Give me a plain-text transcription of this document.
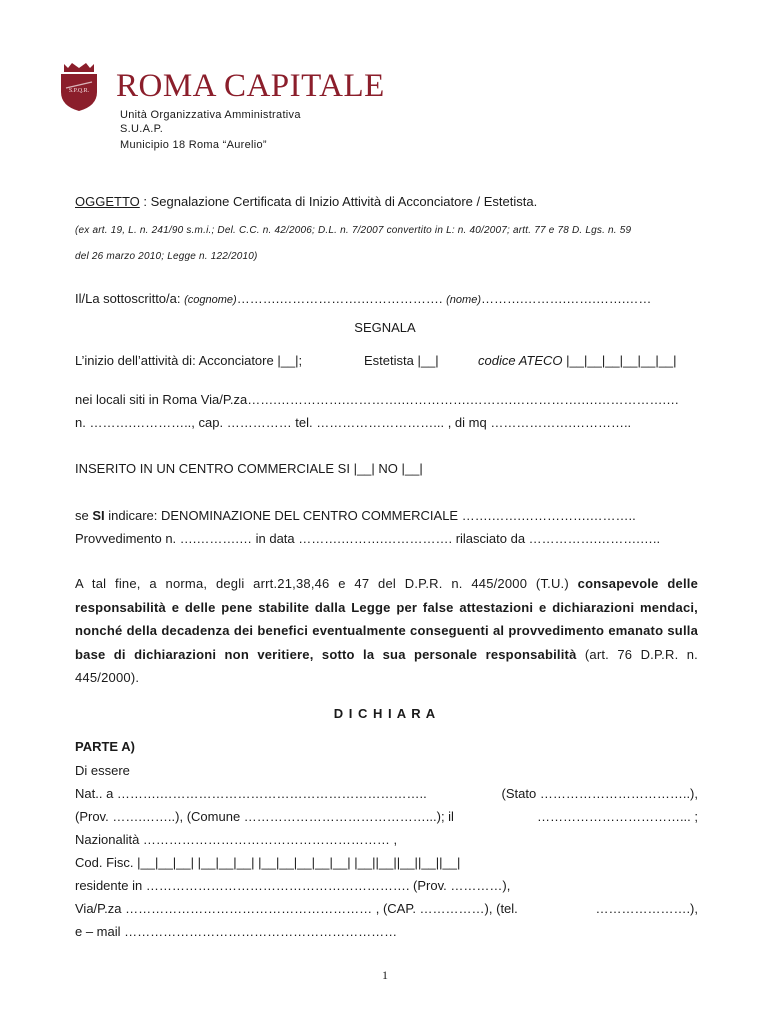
S.P.Q.R. ROMA CAPITALE
Unità Organizzativa Amministrativa
S.U.A.P.
Municipio 18 Roma “Aurelio”
OGGETTO : Segnalazione Certificata di Inizio Attività di Acconciatore / Estetista.
(ex art. 19, L. n. 241/90 s.m.i.; Del. C.C. n. 42/2006; D.L. n. 7/2007 convertito in L: n. 40/2007; artt. 77 e 78 D. Lgs. n. 59
del 26 marzo 2010; Legge n. 122/2010)
Il/La sottoscritto/a: (cognome)……….……………….………………. (nome)……….……….…….…….……
SEGNALA
L’inizio dell’attività di: Acconciatore |__|;	Estetista |__|	codice ATECO |__|__|__|__|__|__|
nei locali siti in Roma Via/P.za…….…………….………….…………….……….…………….….…………….…
n. ……….………….., cap. …………… tel. ………………………... , di mq ……………….…………..
INSERITO IN UN CENTRO COMMERCIALE SI |__| NO |__|
se SI indicare: DENOMINAZIONE DEL CENTRO COMMERCIALE …….…….…………….………..
Provvedimento n. ….……….… in data ……….……….……………. rilasciato da …………….……….…..
A tal fine, a norma, degli arrt.21,38,46 e 47 del D.P.R. n. 445/2000 (T.U.) consapevole delle responsabilità e delle pene stabilite dalla Legge per false attestazioni e dichiarazioni mendaci, nonché della decadenza dei benefici eventualmente conseguenti al provvedimento emanato sulla base di dichiarazioni non veritiere, sotto la sua personale responsabilità (art. 76 D.P.R. n. 445/2000).
D I C H I A R A
PARTE A)
Di essere
Nat.. a ……….……………………………………………………..	(Stato ……………………………..),
(Prov. …….……..), (Comune ……………………………………...); il	……………………………... ;
Nazionalità ………………………………………………… ,
Cod. Fisc. |__|__|__| |__|__|__| |__|__|__|__|__| |__||__||__||__||__|
residente in ……………………………………………………. (Prov. …………),
Via/P.za ………………………………………………… , (CAP. ……………), (tel.	………………….),
e – mail ………………………………………………………
1
